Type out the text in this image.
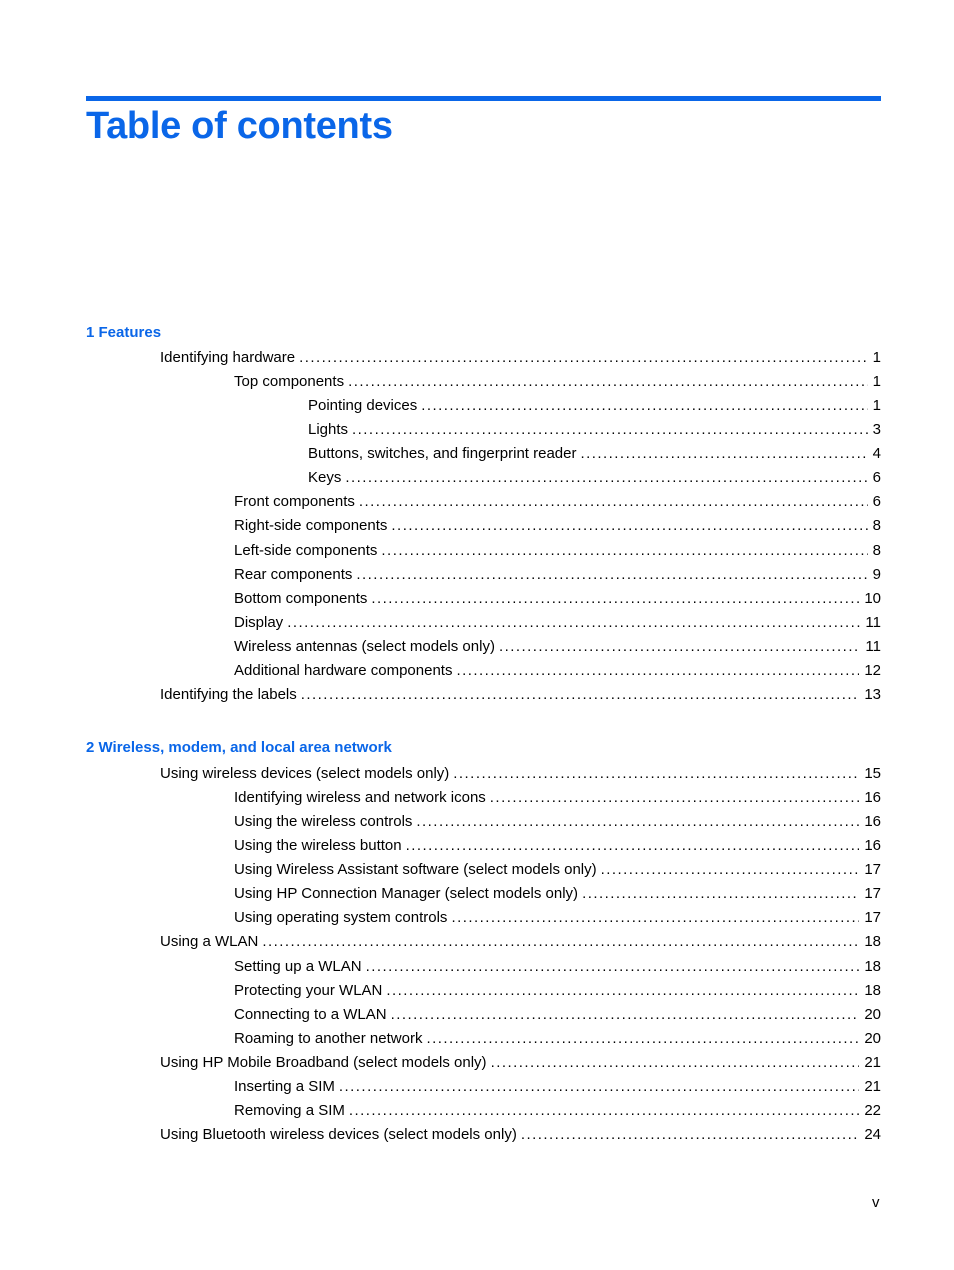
Table of contents
1 Features
Identifying hardware . . .	1
Top components . . .	1
Pointing devices . . .	1
Lights . . .	3
Buttons, switches, and fingerprint reader . . .	4
Keys . . .	6
Front components . . .	6
Right-side components . . .	8
Left-side components . . .	8
Rear components . . .	9
Bottom components . . .	10
Display . . .	11
Wireless antennas (select models only) . . .	11
Additional hardware components . . .	12
Identifying the labels . . .	13
2 Wireless, modem, and local area network
Using wireless devices (select models only) . . .	15
Identifying wireless and network icons . . .	16
Using the wireless controls . . .	16
Using the wireless button . . .	16
Using Wireless Assistant software (select models only) . . .	17
Using HP Connection Manager (select models only) . . .	17
Using operating system controls . . .	17
Using a WLAN . . .	18
Setting up a WLAN . . .	18
Protecting your WLAN . . .	18
Connecting to a WLAN . . .	20
Roaming to another network . . .	20
Using HP Mobile Broadband (select models only) . . .	21
Inserting a SIM . . .	21
Removing a SIM . . .	22
Using Bluetooth wireless devices (select models only) . . .	24
v
